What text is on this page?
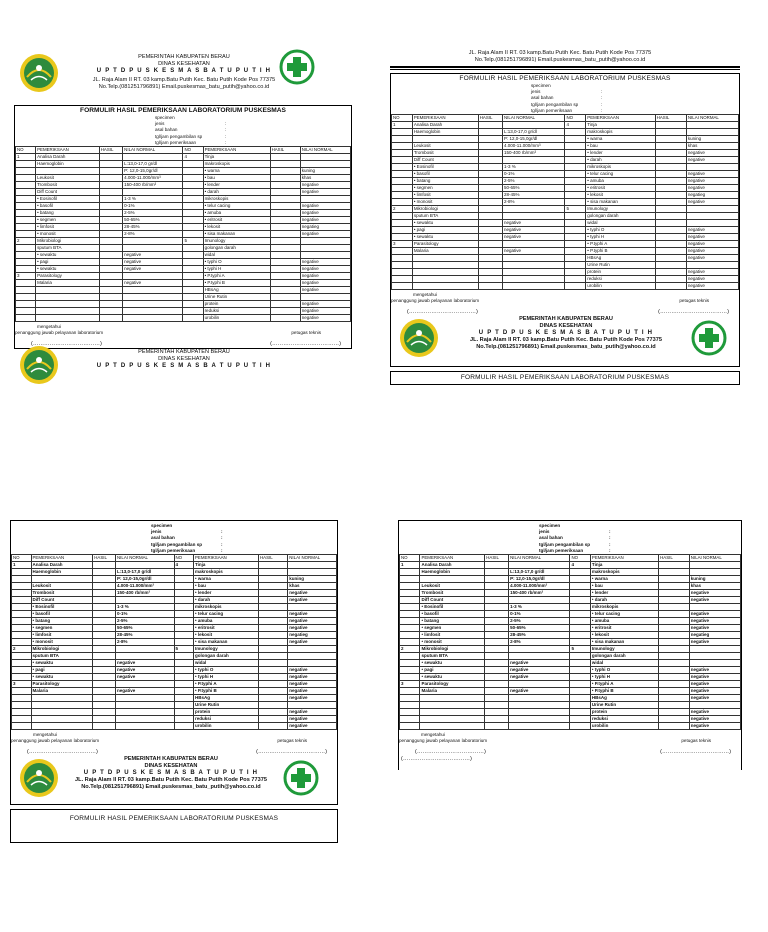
PEMERINTAH KABUPATEN BERAU
DINAS KESEHATAN
U P T D P U S K E S M A S B A T U P U T I H
JL. Raja Alam II RT. 03 kamp.Batu Putih Kec. Batu Putih Kode Pos 77375
No.Telp.(081251796891) Email.puskesmas_batu_putih@yahoo.co.id
FORMULIR HASIL PEMERIKSAAN LABORATORIUM PUSKESMAS
specimen
jenis	:
asal bahan	:
tgl/jam pengambilan sp	:
tgl/jam pemeriksaan	:
NO	PEMERIKSAAN	HASIL	NILAI NORMAL	NO	PEMERIKSAAN	HASIL	NILAI NORMAL
1	Analisa Darah			4	Tinja		
	Haemoglobin		L:13,0-17,0 gr/dl		makroskopis		
			P: 12,0-15,0gr/dl		• warna		kuning
	Leukosit		4.000-11.000/mm³		• bau		khas
	Trombosit		150-400 rb/mm³		• lender		negative
	Diff Count				• darah		negative
	• Eosinofil		1-3 %		mikroskopis		
	• basofil		0-1%		• telur cacing		negative
	• batang		2-5%		• amuba		negative
	• segmen		50-65%		• eritrosit		negative
	• limfosit		28-45%		• lekosit		negatieg
	• monosit		2-8%		• sisa makanan		negative
2	Mikrobiologi			5	Imunology		
	sputum BTA				golongan darah		
	• sewaktu		negative		widal		
	• pagi		negative		• typhi O		negative
	• sewaktu		negative		• typhi H		negative
3	Parasitology				• P.typhi A		negative
	Malaria		negative		• P.typhi B		negative
					HBsAg		negative
					Urine Rutin		
					protein		negative
					reduksi		negative
					urobilin		negative
mengetahui
penanggung jawab pelayanan laboratorium	petugas teknis
(………………………………)	(………………………………)
PEMERINTAH KABUPATEN BERAU
DINAS KESEHATAN
U P T D P U S K E S M A S B A T U P U T I H
JL. Raja Alam II RT. 03 kamp.Batu Putih Kec. Batu Putih Kode Pos 77375
No.Telp.(081251796891) Email.puskesmas_batu_putih@yahoo.co.id
FORMULIR HASIL PEMERIKSAAN LABORATORIUM PUSKESMAS
specimen
jenis	:
asal bahan	:
tgl/jam pengambilan sp	:
tgl/jam pemeriksaan	:
NO	PEMERIKSAAN	HASIL	NILAI NORMAL	NO	PEMERIKSAAN	HASIL	NILAI NORMAL
1	Analisa Darah			4	Tinja		
	Haemoglobin		L:13,0-17,0 gr/dl		makroskopis		
			P: 12,0-15,0gr/dl		• warna		kuning
	Leukosit		4.000-11.000/mm³		• bau		khas
	Trombosit		150-400 rb/mm³		• lender		negative
	Diff Count				• darah		negative
	• Eosinofil		1-3 %		mikroskopis		
	• basofil		0-1%		• telur cacing		negative
	• batang		2-5%		• amuba		negative
	• segmen		50-65%		• eritrosit		negative
	• limfosit		28-45%		• lekosit		negatieg
	• monosit		2-8%		• sisa makanan		negative
2	Mikrobiologi			5	Imunology		
	sputum BTA				golongan darah		
	• sewaktu		negative		widal		
	• pagi		negative		• typhi O		negative
	• sewaktu		negative		• typhi H		negative
3	Parasitology				• P.typhi A		negative
	Malaria		negative		• P.typhi B		negative
					HBsAg		negative
					Urine Rutin		
					protein		negative
					reduksi		negative
					urobilin		negative
mengetahui
penanggung jawab pelayanan laboratorium	petugas teknis
(………………………………)	(………………………………)
PEMERINTAH KABUPATEN BERAU
DINAS KESEHATAN
U P T D P U S K E S M A S B A T U P U T I H
JL. Raja Alam II RT. 03 kamp.Batu Putih Kec. Batu Putih Kode Pos 77375
No.Telp.(081251796891) Email.puskesmas_batu_putih@yahoo.co.id
FORMULIR HASIL PEMERIKSAAN LABORATORIUM PUSKESMAS
specimen
jenis	:
asal bahan	:
tgl/jam pengambilan sp	:
tgl/jam pemeriksaan	:
NO	PEMERIKSAAN	HASIL	NILAI NORMAL	NO	PEMERIKSAAN	HASIL	NILAI NORMAL
1	Analisa Darah			4	Tinja		
	Haemoglobin		L:13,0-17,0 gr/dl		makroskopis		
			P: 12,0-15,0gr/dl		• warna		kuning
	Leukosit		4.000-11.000/mm³		• bau		khas
	Trombosit		150-400 rb/mm³		• lender		negative
	Diff Count				• darah		negative
	• Eosinofil		1-3 %		mikroskopis		
	• basofil		0-1%		• telur cacing		negative
	• batang		2-5%		• amuba		negative
	• segmen		50-65%		• eritrosit		negative
	• limfosit		28-45%		• lekosit		negatieg
	• monosit		2-8%		• sisa makanan		negative
2	Mikrobiologi			5	Imunology		
	sputum BTA				golongan darah		
	• sewaktu		negative		widal		
	• pagi		negative		• typhi O		negative
	• sewaktu		negative		• typhi H		negative
3	Parasitology				• P.typhi A		negative
	Malaria		negative		• P.typhi B		negative
					HBsAg		negative
					Urine Rutin		
					protein		negative
					reduksi		negative
					urobilin		negative
mengetahui
penanggung jawab pelayanan laboratorium	petugas teknis
(………………………………)	(………………………………)
PEMERINTAH KABUPATEN BERAU
DINAS KESEHATAN
U P T D P U S K E S M A S B A T U P U T I H
JL. Raja Alam II RT. 03 kamp.Batu Putih Kec. Batu Putih Kode Pos 77375
No.Telp.(081251796891) Email.puskesmas_batu_putih@yahoo.co.id
FORMULIR HASIL PEMERIKSAAN LABORATORIUM PUSKESMAS
specimen
jenis	:
asal bahan	:
tgl/jam pengambilan sp	:
tgl/jam pemeriksaan	:
NO	PEMERIKSAAN	HASIL	NILAI NORMAL	NO	PEMERIKSAAN	HASIL	NILAI NORMAL
1	Analisa Darah			4	Tinja		
	Haemoglobin		L:13,0-17,0 gr/dl		makroskopis		
			P: 12,0-15,0gr/dl		• warna		kuning
	Leukosit		4.000-11.000/mm³		• bau		khas
	Trombosit		150-400 rb/mm³		• lender		negative
	Diff Count				• darah		negative
	• Eosinofil		1-3 %		mikroskopis		
	• basofil		0-1%		• telur cacing		negative
	• batang		2-5%		• amuba		negative
	• segmen		50-65%		• eritrosit		negative
	• limfosit		28-45%		• lekosit		negatieg
	• monosit		2-8%		• sisa makanan		negative
2	Mikrobiologi			5	Imunology		
	sputum BTA				golongan darah		
	• sewaktu		negative		widal		
	• pagi		negative		• typhi O		negative
	• sewaktu		negative		• typhi H		negative
3	Parasitology				• P.typhi A		negative
	Malaria		negative		• P.typhi B		negative
					HBsAg		negative
					Urine Rutin		
					protein		negative
					reduksi		negative
					urobilin		negative
mengetahui
penanggung jawab pelayanan laboratorium	petugas teknis
(………………………………)	(………………………………)
(………………………………)
